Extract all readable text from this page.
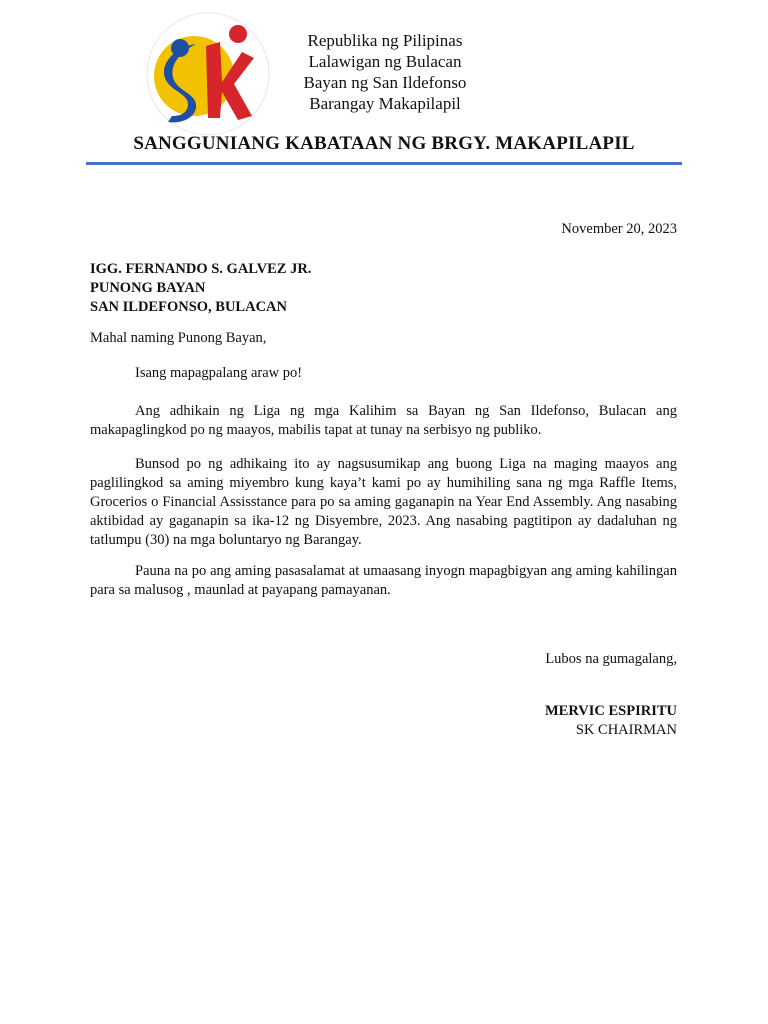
Republika ng Pilipinas
Lalawigan ng Bulacan
Bayan ng San Ildefonso
Barangay Makapilapil
SANGGUNIANG KABATAAN NG BRGY. MAKAPILAPIL
November 20, 2023
IGG. FERNANDO S. GALVEZ JR.
PUNONG BAYAN
SAN ILDEFONSO, BULACAN
Mahal naming Punong Bayan,
Isang mapagpalang araw po!
Ang adhikain ng Liga ng mga Kalihim sa Bayan ng San Ildefonso, Bulacan ang makapaglingkod po ng maayos, mabilis tapat at tunay na serbisyo ng publiko.
Bunsod po ng adhikaing ito ay nagsusumikap ang buong Liga na maging maayos ang paglilingkod sa aming miyembro kung kaya’t kami po ay humihiling sana ng mga Raffle Items, Grocerios o Financial Assisstance para po sa aming gaganapin na Year End Assembly. Ang nasabing aktibidad ay gaganapin sa ika-12 ng Disyembre, 2023. Ang nasabing pagtitipon ay dadaluhan ng tatlumpu (30) na mga boluntaryo ng Barangay.
Pauna na po ang aming pasasalamat at umaasang inyogn mapagbigyan ang aming kahilingan para sa malusog , maunlad at payapang pamayanan.
Lubos na gumagalang,
MERVIC ESPIRITU
SK CHAIRMAN
